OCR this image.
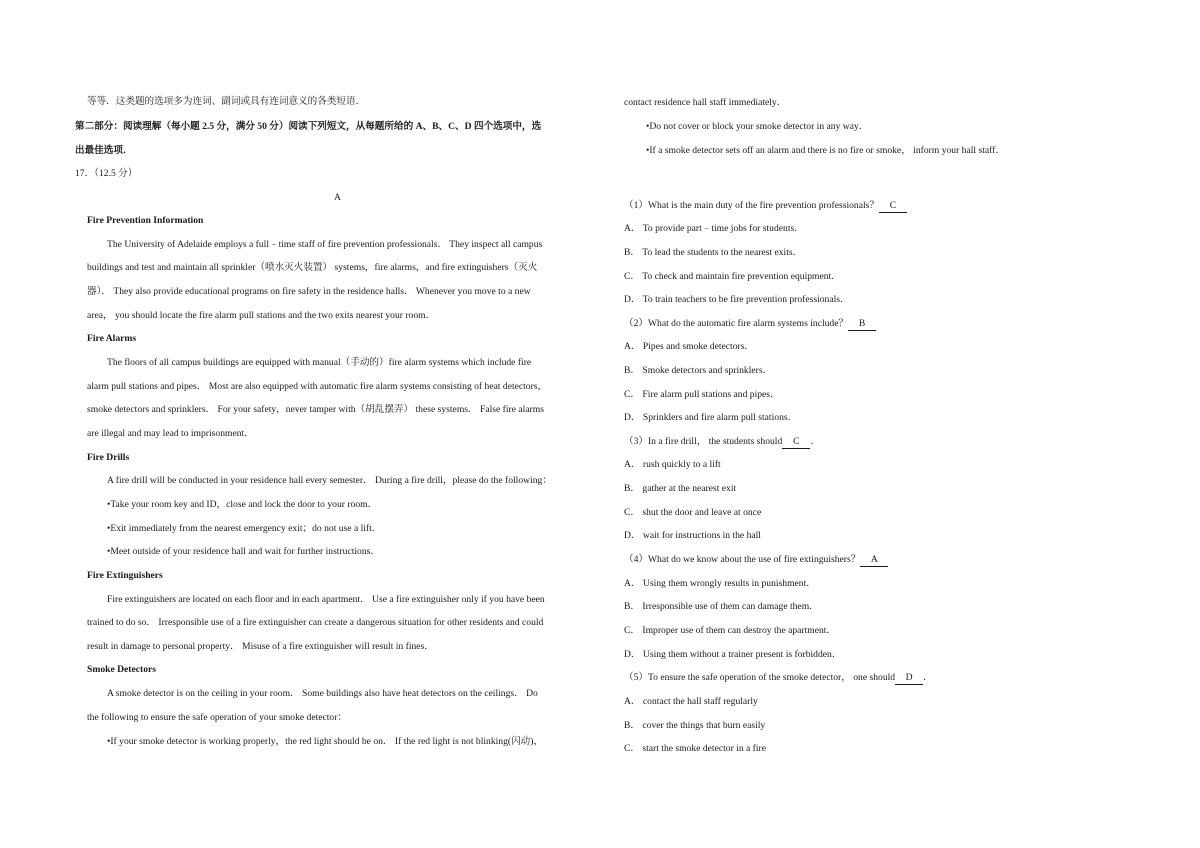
等等．这类题的选项多为连词、副词或具有连词意义的各类短语．
第二部分：阅读理解（每小题 2.5 分，满分 50 分）阅读下列短文，从每题所给的 A、B、C、D 四个选项中，选
出最佳选项．
17．（12.5 分）
A
Fire Prevention Information
The University of Adelaide employs a full﹣time staff of fire prevention professionals． They inspect all campus
buildings and test and maintain all sprinkler（喷水灭火装置） systems，fire alarms，and fire extinguishers（灭火
器）． They also provide educational programs on fire safety in the residence halls． Whenever you move to a new
area， you should locate the fire alarm pull stations and the two exits nearest your room．
Fire Alarms
The floors of all campus buildings are equipped with manual（手动的）fire alarm systems which include fire
alarm pull stations and pipes． Most are also equipped with automatic fire alarm systems consisting of heat detectors，
smoke detectors and sprinklers． For your safety，never tamper with（胡乱摆弄） these systems． False fire alarms
are illegal and may lead to imprisonment．
Fire Drills
A fire drill will be conducted in your residence hall every semester． During a fire drill，please do the following：
•Take your room key and ID，close and lock the door to your room．
•Exit immediately from the nearest emergency exit；do not use a lift．
•Meet outside of your residence hall and wait for further instructions．
Fire Extinguishers
Fire extinguishers are located on each floor and in each apartment． Use a fire extinguisher only if you have been
trained to do so． Irresponsible use of a fire extinguisher can create a dangerous situation for other residents and could
result in damage to personal property． Misuse of a fire extinguisher will result in fines．
Smoke Detectors
A smoke detector is on the ceiling in your room． Some buildings also have heat detectors on the ceilings． Do
the following to ensure the safe operation of your smoke detector：
•If your smoke detector is working properly，the red light should be on． If the red light is not blinking(闪动)，
contact residence hall staff immediately．
•Do not cover or block your smoke detector in any way．
•If a smoke detector sets off an alarm and there is no fire or smoke， inform your hall staff．
（1）What is the main duty of the fire prevention professionals？ C
A． To provide part﹣time jobs for students．
B． To lead the students to the nearest exits．
C． To check and maintain fire prevention equipment．
D． To train teachers to be fire prevention professionals．
（2）What do the automatic fire alarm systems include？ B
A． Pipes and smoke detectors．
B． Smoke detectors and sprinklers．
C． Fire alarm pull stations and pipes．
D． Sprinklers and fire alarm pull stations．
（3）In a fire drill， the students should C ．
A． rush quickly to a lift
B． gather at the nearest exit
C． shut the door and leave at once
D． wait for instructions in the hall
（4）What do we know about the use of fire extinguishers？ A
A． Using them wrongly results in punishment．
B． Irresponsible use of them can damage them．
C． Improper use of them can destroy the apartment．
D． Using them without a trainer present is forbidden．
（5）To ensure the safe operation of the smoke detector， one should D ．
A． contact the hall staff regularly
B． cover the things that burn easily
C． start the smoke detector in a fire
